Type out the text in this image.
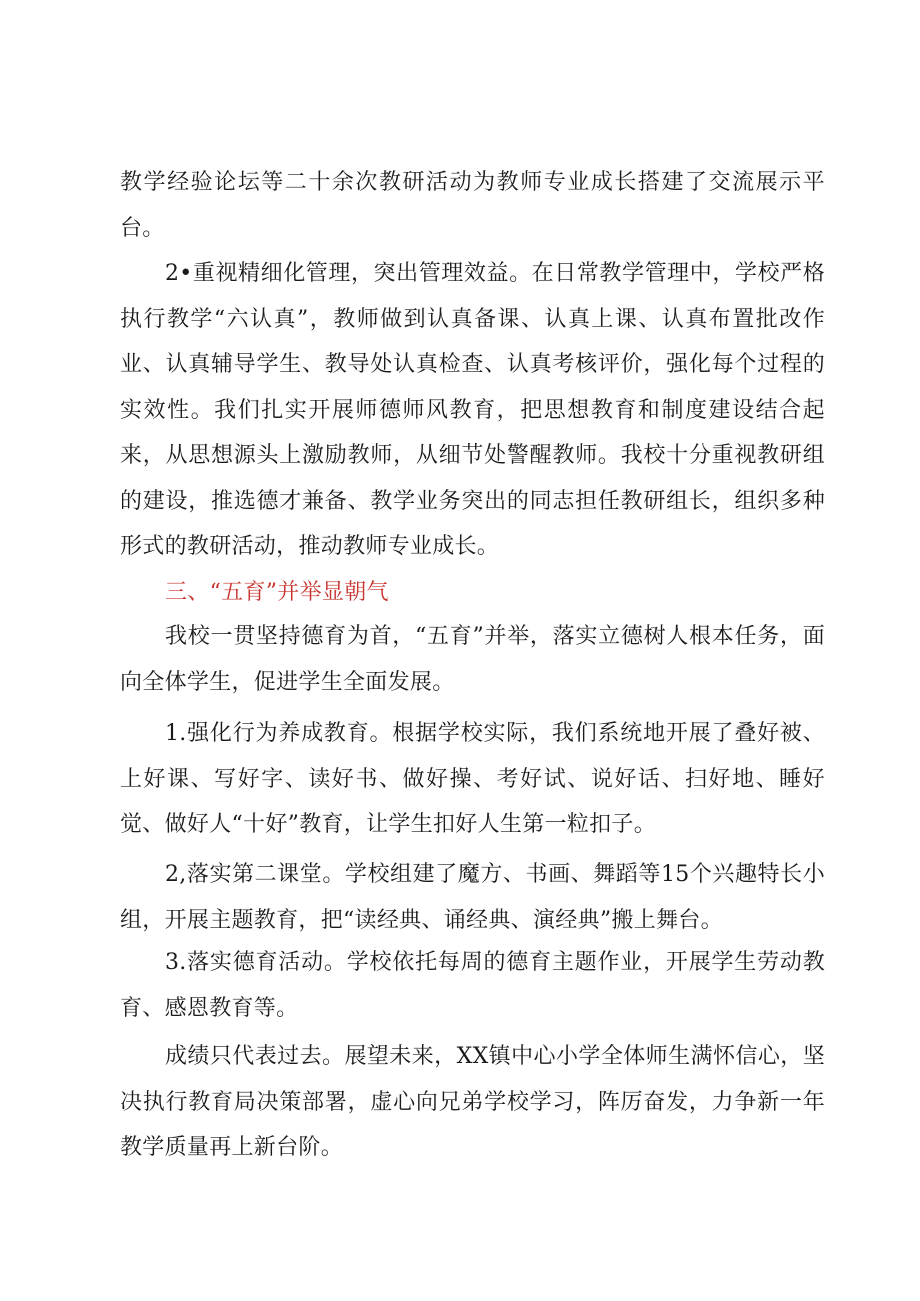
教学经验论坛等二十余次教研活动为教师专业成长搭建了交流展示平台。

2•重视精细化管理，突出管理效益。在日常教学管理中，学校严格执行教学“六认真”，教师做到认真备课、认真上课、认真布置批改作业、认真辅导学生、教导处认真检查、认真考核评价，强化每个过程的实效性。我们扎实开展师德师风教育，把思想教育和制度建设结合起来，从思想源头上激励教师，从细节处警醒教师。我校十分重视教研组的建设，推选德才兼备、教学业务突出的同志担任教研组长，组织多种形式的教研活动，推动教师专业成长。

三、“五育”并举显朝气

我校一贯坚持德育为首，“五育”并举，落实立德树人根本任务，面向全体学生，促进学生全面发展。

1.强化行为养成教育。根据学校实际，我们系统地开展了叠好被、上好课、写好字、读好书、做好操、考好试、说好话、扫好地、睡好觉、做好人“十好”教育，让学生扣好人生第一粒扣子。

2,落实第二课堂。学校组建了魔方、书画、舞蹈等15个兴趣特长小组，开展主题教育，把“读经典、诵经典、演经典”搬上舞台。

3.落实德育活动。学校依托每周的德育主题作业，开展学生劳动教育、感恩教育等。

成绩只代表过去。展望未来，XX镇中心小学全体师生满怀信心，坚决执行教育局决策部署，虚心向兄弟学校学习，阵厉奋发，力争新一年教学质量再上新台阶。
